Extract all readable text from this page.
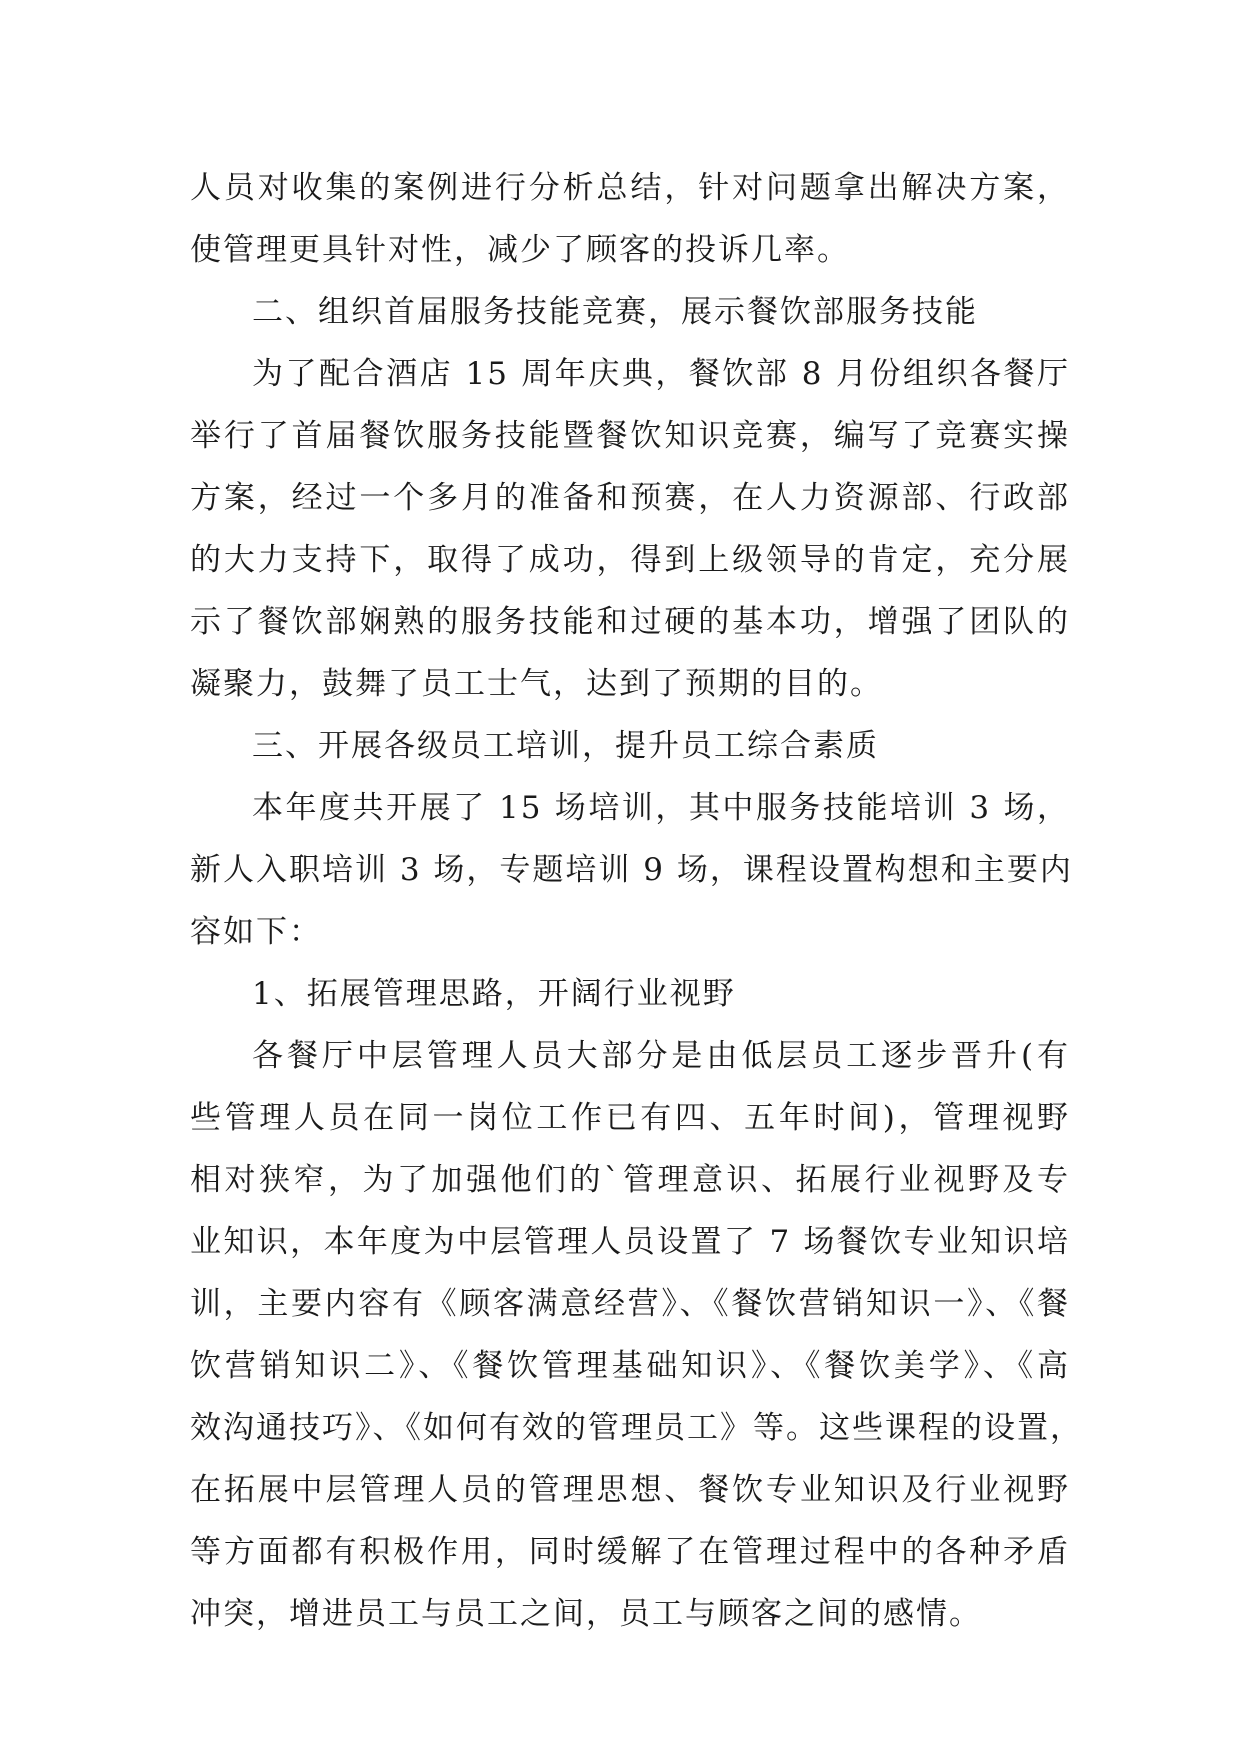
人员对收集的案例进行分析总结，针对问题拿出解决方案，
使管理更具针对性，减少了顾客的投诉几率。
二、组织首届服务技能竞赛，展示餐饮部服务技能
为了配合酒店 15 周年庆典，餐饮部 8 月份组织各餐厅
举行了首届餐饮服务技能暨餐饮知识竞赛，编写了竞赛实操
方案，经过一个多月的准备和预赛，在人力资源部、行政部
的大力支持下，取得了成功，得到上级领导的肯定，充分展
示了餐饮部娴熟的服务技能和过硬的基本功，增强了团队的
凝聚力，鼓舞了员工士气，达到了预期的目的。
三、开展各级员工培训，提升员工综合素质
本年度共开展了 15 场培训，其中服务技能培训 3 场，
新人入职培训 3 场，专题培训 9 场，课程设置构想和主要内
容如下：
1、拓展管理思路，开阔行业视野
各餐厅中层管理人员大部分是由低层员工逐步晋升(有
些管理人员在同一岗位工作已有四、五年时间)，管理视野
相对狭窄，为了加强他们的`管理意识、拓展行业视野及专
业知识，本年度为中层管理人员设置了 7 场餐饮专业知识培
训，主要内容有《顾客满意经营》、《餐饮营销知识一》、《餐
饮营销知识二》、《餐饮管理基础知识》、《餐饮美学》、《高
效沟通技巧》、《如何有效的管理员工》等。这些课程的设置，
在拓展中层管理人员的管理思想、餐饮专业知识及行业视野
等方面都有积极作用，同时缓解了在管理过程中的各种矛盾
冲突，增进员工与员工之间，员工与顾客之间的感情。
